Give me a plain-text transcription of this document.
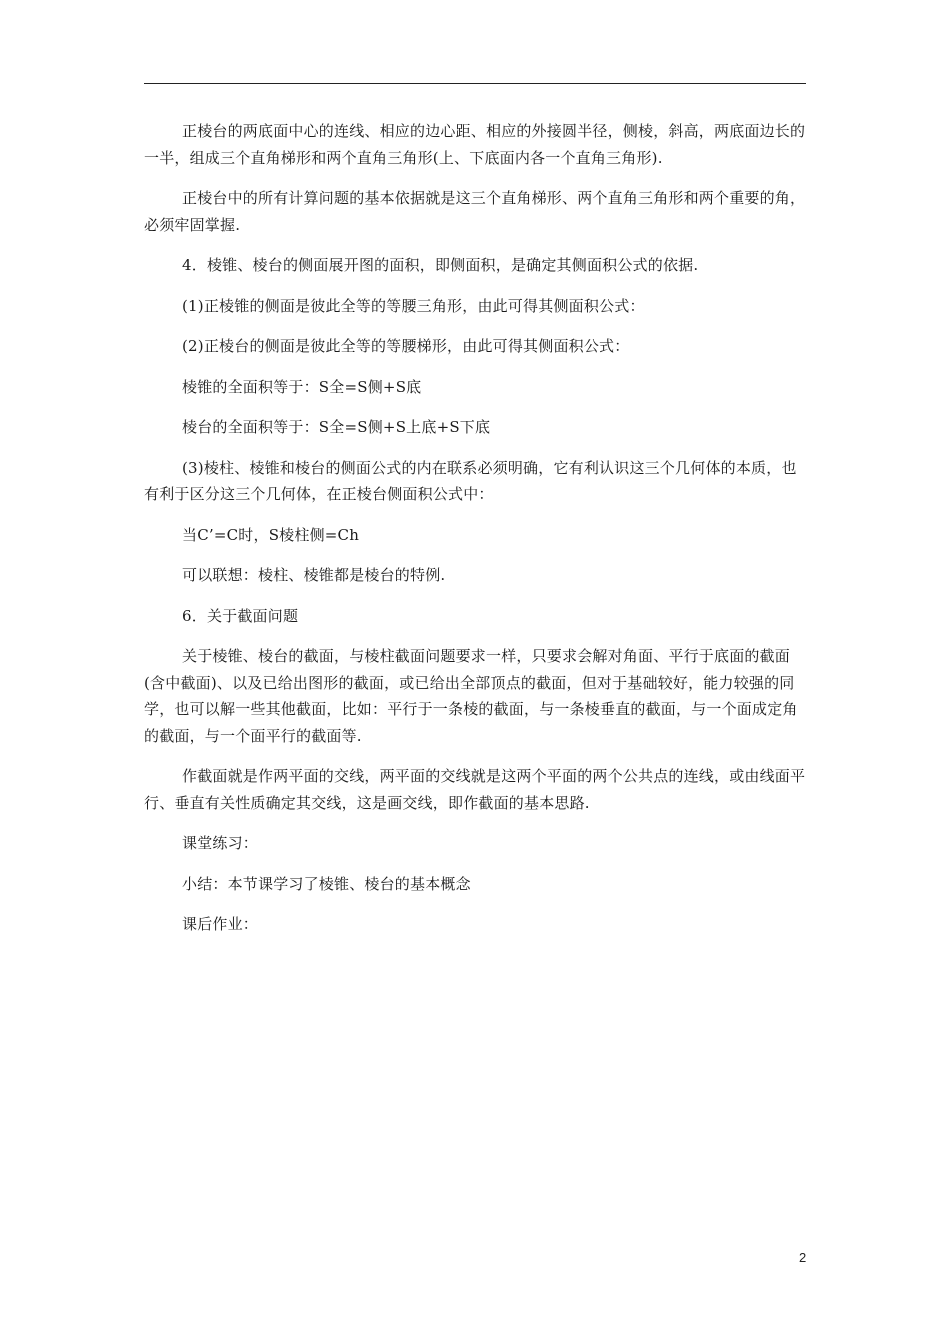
正棱台的两底面中心的连线、相应的边心距、相应的外接圆半径，侧棱，斜高，两底面边长的一半，组成三个直角梯形和两个直角三角形(上、下底面内各一个直角三角形).

正棱台中的所有计算问题的基本依据就是这三个直角梯形、两个直角三角形和两个重要的角，必须牢固掌握.

4．棱锥、棱台的侧面展开图的面积，即侧面积，是确定其侧面积公式的依据.

(1)正棱锥的侧面是彼此全等的等腰三角形，由此可得其侧面积公式：

(2)正棱台的侧面是彼此全等的等腰梯形，由此可得其侧面积公式：

棱锥的全面积等于：S全=S侧+S底

棱台的全面积等于：S全=S侧+S上底+S下底

(3)棱柱、棱锥和棱台的侧面公式的内在联系必须明确，它有利认识这三个几何体的本质，也有利于区分这三个几何体，在正棱台侧面积公式中：

当C’=C时，S棱柱侧=Ch

可以联想：棱柱、棱锥都是棱台的特例.

6．关于截面问题

关于棱锥、棱台的截面，与棱柱截面问题要求一样，只要求会解对角面、平行于底面的截面(含中截面)、以及已给出图形的截面，或已给出全部顶点的截面，但对于基础较好，能力较强的同学，也可以解一些其他截面，比如：平行于一条棱的截面，与一条棱垂直的截面，与一个面成定角的截面，与一个面平行的截面等.

作截面就是作两平面的交线，两平面的交线就是这两个平面的两个公共点的连线，或由线面平行、垂直有关性质确定其交线，这是画交线，即作截面的基本思路.

课堂练习：

小结：本节课学习了棱锥、棱台的基本概念

课后作业：

2
